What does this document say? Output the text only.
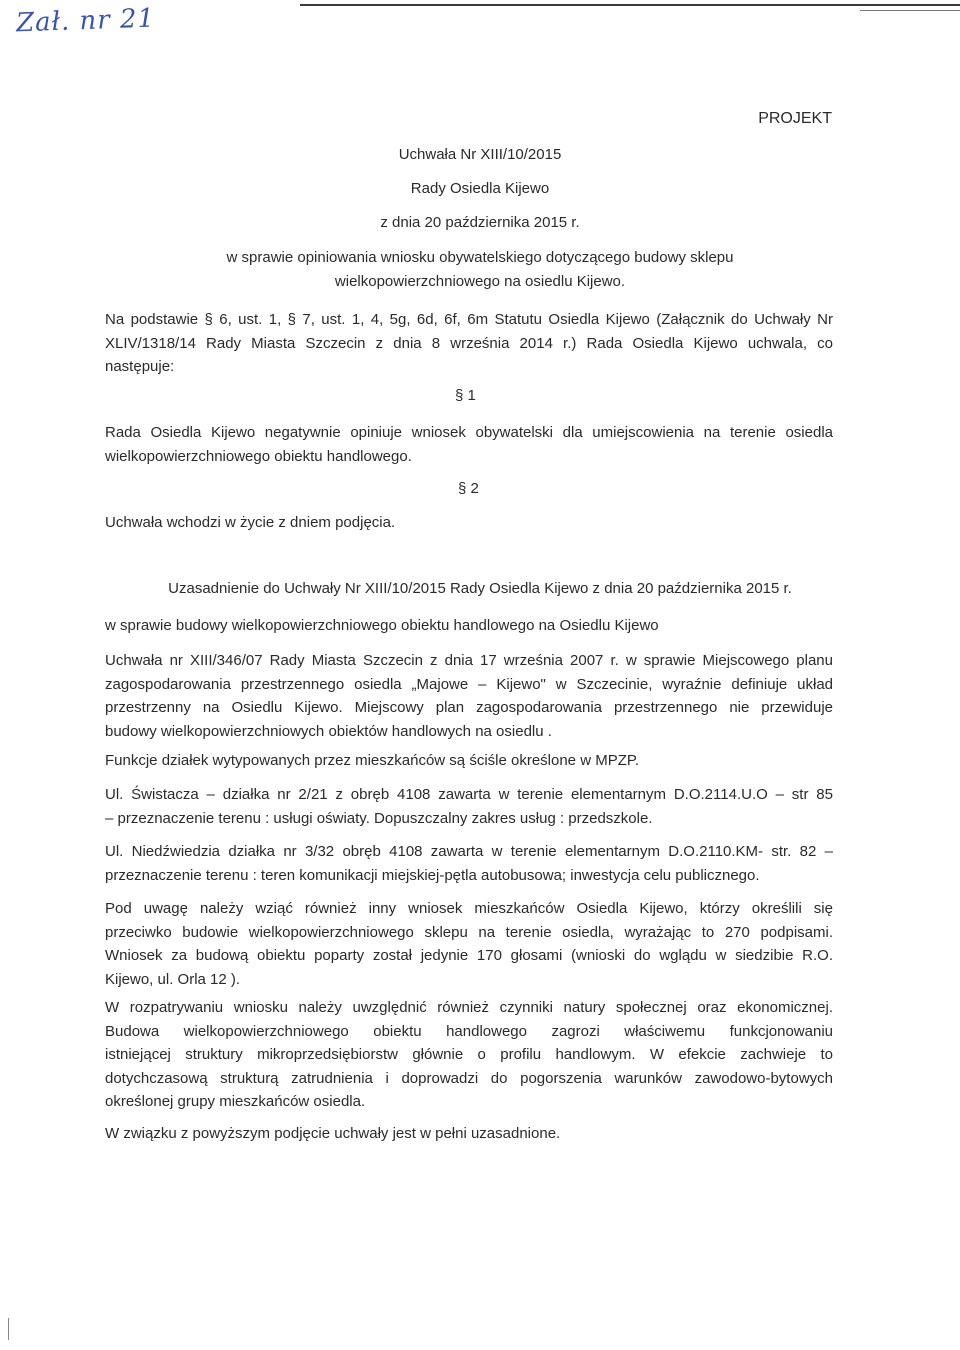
Zał. nr 21
PROJEKT
Uchwała Nr XIII/10/2015
Rady Osiedla Kijewo
z dnia 20 października 2015 r.
w sprawie opiniowania wniosku obywatelskiego dotyczącego budowy sklepu
wielkopowierzchniowego na osiedlu Kijewo.
Na podstawie § 6, ust. 1, § 7, ust. 1, 4, 5g, 6d, 6f, 6m Statutu Osiedla Kijewo (Załącznik do Uchwały Nr
XLIV/1318/14 Rady Miasta Szczecin z dnia 8 września 2014 r.) Rada Osiedla Kijewo uchwala, co
następuje:
§ 1
Rada Osiedla Kijewo negatywnie opiniuje wniosek obywatelski dla umiejscowienia na terenie osiedla
wielkopowierzchniowego obiektu handlowego.
§ 2
Uchwała wchodzi w życie z dniem podjęcia.
Uzasadnienie do Uchwały Nr XIII/10/2015 Rady Osiedla Kijewo z dnia 20 października 2015 r.
w sprawie budowy wielkopowierzchniowego obiektu handlowego na Osiedlu Kijewo
Uchwała nr XIII/346/07 Rady Miasta Szczecin z dnia 17 września 2007 r. w sprawie Miejscowego planu
zagospodarowania przestrzennego osiedla „Majowe – Kijewo" w Szczecinie, wyraźnie definiuje układ
przestrzenny na Osiedlu Kijewo. Miejscowy plan zagospodarowania przestrzennego nie przewiduje
budowy wielkopowierzchniowych obiektów handlowych na osiedlu .
Funkcje działek wytypowanych przez mieszkańców są ściśle określone w MPZP.
Ul. Świstacza – działka nr 2/21 z obręb 4108 zawarta w terenie elementarnym D.O.2114.U.O – str 85
– przeznaczenie terenu : usługi oświaty. Dopuszczalny zakres usług : przedszkole.
Ul. Niedźwiedzia działka nr 3/32 obręb 4108 zawarta w terenie elementarnym D.O.2110.KM- str. 82 –
przeznaczenie terenu : teren komunikacji miejskiej-pętla autobusowa; inwestycja celu publicznego.
Pod uwagę należy wziąć również inny wniosek mieszkańców Osiedla Kijewo, którzy określili się
przeciwko budowie wielkopowierzchniowego sklepu na terenie osiedla, wyrażając to 270 podpisami.
Wniosek za budową obiektu poparty został jedynie 170 głosami (wnioski do wglądu w siedzibie R.O.
Kijewo, ul. Orla 12 ).
W rozpatrywaniu wniosku należy uwzględnić również czynniki natury społecznej oraz ekonomicznej.
Budowa wielkopowierzchniowego obiektu handlowego zagrozi właściwemu funkcjonowaniu
istniejącej struktury mikroprzedsiębiorstw głównie o profilu handlowym. W efekcie zachwieje to
dotychczasową strukturą zatrudnienia i doprowadzi do pogorszenia warunków zawodowo-bytowych
określonej grupy mieszkańców osiedla.
W związku z powyższym podjęcie uchwały jest w pełni uzasadnione.
